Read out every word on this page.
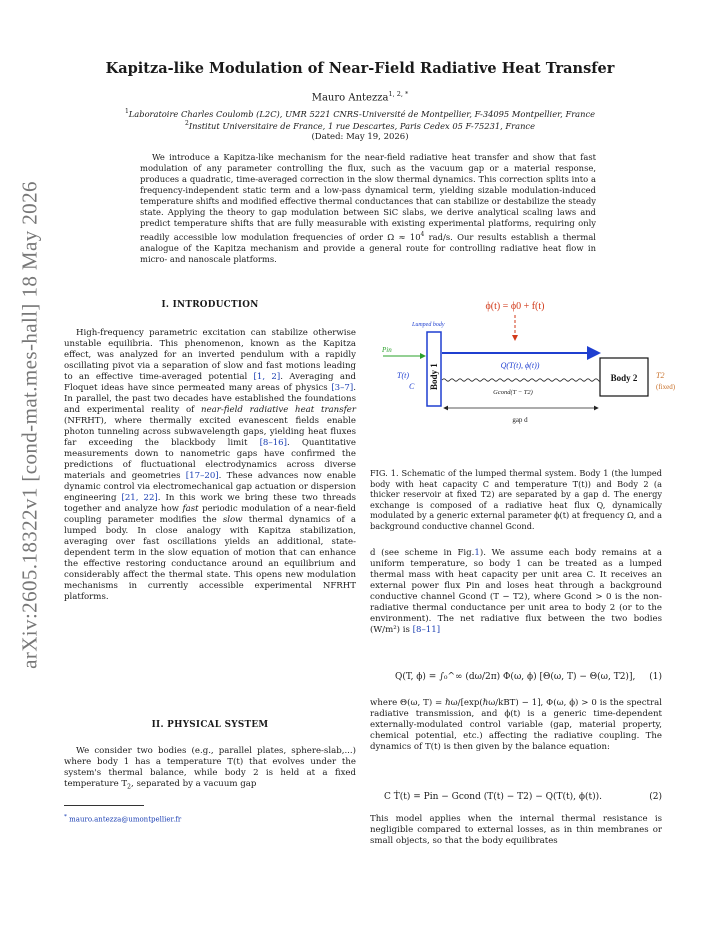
arXiv:2605.18322v1 [cond-mat.mes-hall] 18 May 2026
Kapitza-like Modulation of Near-Field Radiative Heat Transfer
Mauro Antezza$^{1, 2, *}$
$^1$Laboratoire Charles Coulomb (L2C), UMR 5221 CNRS-Université de Montpellier, F-34095 Montpellier, France
$^2$Institut Universitaire de France, 1 rue Descartes, Paris Cedex 05 F-75231, France
(Dated: May 19, 2026)

We introduce a Kapitza-like mechanism for the near-field radiative heat transfer and show that fast modulation of any parameter controlling the flux, such as the vacuum gap or a material response, produces a quadratic, time-averaged correction in the slow thermal dynamics. This correction splits into a frequency-independent static term and a low-pass dynamical term, yielding sizable modulation-induced temperature shifts and modified effective thermal conductances that can stabilize or destabilize the steady state. Applying the theory to gap modulation between SiC slabs, we derive analytical scaling laws and predict temperature shifts that are fully measurable with existing experimental platforms, requiring only readily accessible low modulation frequencies of order $\Omega \approx 10^4$ rad/s. Our results establish a thermal analogue of the Kapitza mechanism and provide a general route for controlling radiative heat flow in micro- and nanoscale platforms.

I. INTRODUCTION

High-frequency parametric excitation can stabilize otherwise unstable equilibria. This phenomenon, known as the Kapitza effect, was analyzed for an inverted pendulum with a rapidly oscillating pivot via a separation of slow and fast motions leading to an effective time-averaged potential [1, 2]. Averaging and Floquet ideas have since permeated many areas of physics [3–7]. In parallel, the past two decades have established the foundations and experimental reality of near-field radiative heat transfer (NFRHT), where thermally excited evanescent fields enable photon tunneling across subwavelength gaps, yielding heat fluxes far exceeding the blackbody limit [8–16]. Quantitative measurements down to nanometric gaps have confirmed the predictions of fluctuational electrodynamics across diverse materials and geometries [17–20]. These advances now enable dynamic control via electromechanical gap actuation or dispersion engineering [21, 22]. In this work we bring these two threads together and analyze how fast periodic modulation of a near-field coupling parameter modifies the slow thermal dynamics of a lumped body. In close analogy with Kapitza stabilization, averaging over fast oscillations yields an additional, state-dependent term in the slow equation of motion that can enhance the effective restoring conductance around an equilibrium and considerably affect the thermal state. This opens new modulation mechanisms in currently accessible experimental NFRHT platforms.

II. PHYSICAL SYSTEM

We consider two bodies (e.g., parallel plates, sphere-slab,...) where body 1 has a temperature T(t) that evolves under the system's thermal balance, while body 2 is held at a fixed temperature $T_2$, separated by a vacuum gap

* mauro.antezza@umontpellier.fr
ϕ(t) = ϕ0 + f(t)
Lumped body
Body 1
Pin
T(t)
C
Q(T(t), ϕ(t))
Gcond(T − T2)
gap d
Body 2 T2
(fixed)
FIG. 1. Schematic of the lumped thermal system. Body 1 (the lumped body with heat capacity C and temperature T(t)) and Body 2 (a thicker reservoir at fixed T2) are separated by a gap d. The energy exchange is composed of a radiative heat flux Q, dynamically modulated by a generic external parameter ϕ(t) at frequency Ω, and a background conductive channel Gcond.

d (see scheme in Fig.1). We assume each body remains at a uniform temperature, so body 1 can be treated as a lumped thermal mass with heat capacity per unit area C. It receives an external power flux Pin and loses heat through a background conductive channel Gcond (T − T2), where Gcond > 0 is the non-radiative thermal conductance per unit area to body 2 (or to the environment). The net radiative flux between the two bodies (W/m²) is [8–11]

Q(T, ϕ) = ∫₀^∞ (dω/2π) Φ(ω, ϕ) [Θ(ω, T) − Θ(ω, T2)], (1)

where Θ(ω, T) = ℏω/[exp(ℏω/kBT) − 1], Φ(ω, ϕ) > 0 is the spectral radiative transmission, and ϕ(t) is a generic time-dependent externally-modulated control variable (gap, material property, chemical potential, etc.) affecting the radiative coupling. The dynamics of T(t) is then given by the balance equation:

C Ṫ(t) = Pin − Gcond (T(t) − T2) − Q(T(t), ϕ(t)).	(2)

This model applies when the internal thermal resistance is negligible compared to external losses, as in thin membranes or small objects, so that the body equilibrates
